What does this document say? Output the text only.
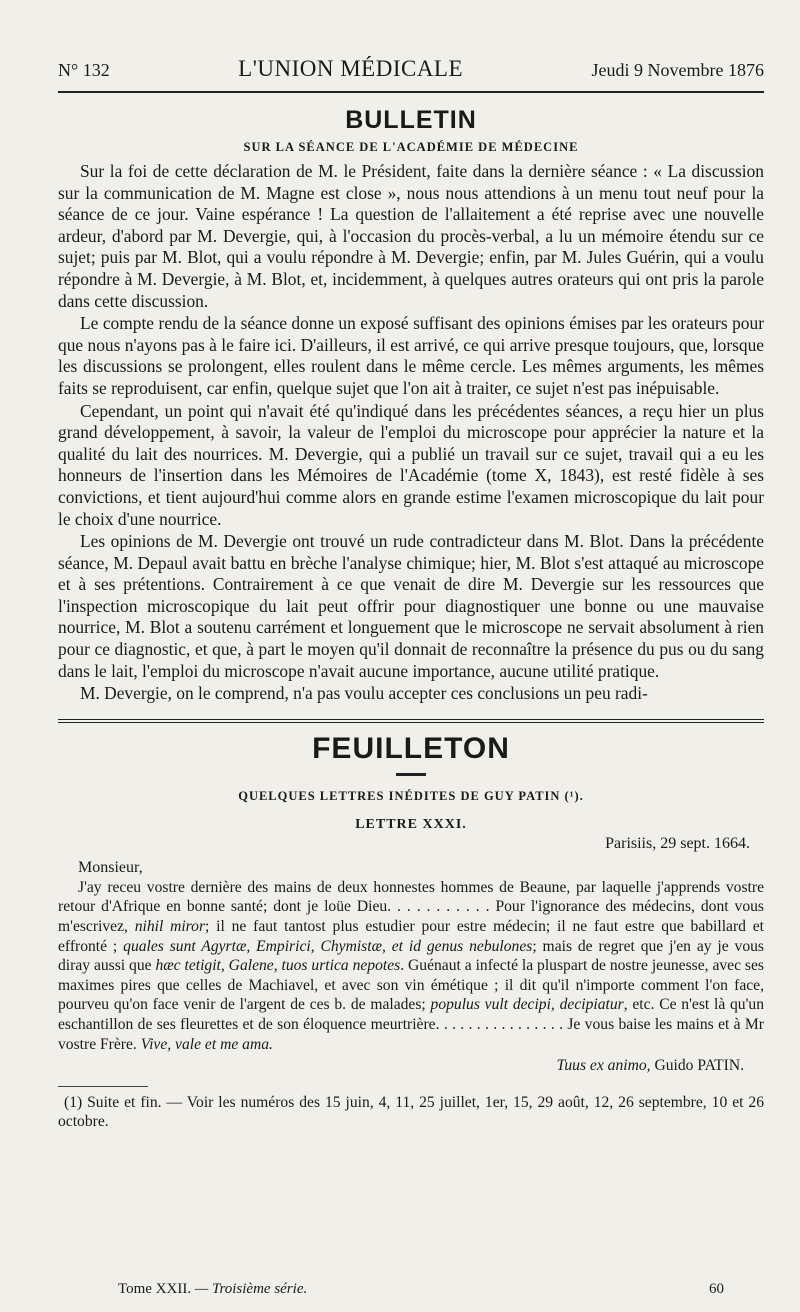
N° 132	L'UNION MÉDICALE	Jeudi 9 Novembre 1876
BULLETIN
SUR LA SÉANCE DE L'ACADÉMIE DE MÉDECINE

Sur la foi de cette déclaration de M. le Président, faite dans la dernière séance : « La discussion sur la communication de M. Magne est close », nous nous attendions à un menu tout neuf pour la séance de ce jour. Vaine espérance ! La question de l'allaitement a été reprise avec une nouvelle ardeur, d'abord par M. Devergie, qui, à l'occasion du procès-verbal, a lu un mémoire étendu sur ce sujet; puis par M. Blot, qui a voulu répondre à M. Devergie; enfin, par M. Jules Guérin, qui a voulu répondre à M. Devergie, à M. Blot, et, incidemment, à quelques autres orateurs qui ont pris la parole dans cette discussion.

Le compte rendu de la séance donne un exposé suffisant des opinions émises par les orateurs pour que nous n'ayons pas à le faire ici. D'ailleurs, il est arrivé, ce qui arrive presque toujours, que, lorsque les discussions se prolongent, elles roulent dans le même cercle. Les mêmes arguments, les mêmes faits se reproduisent, car enfin, quelque sujet que l'on ait à traiter, ce sujet n'est pas inépuisable.

Cependant, un point qui n'avait été qu'indiqué dans les précédentes séances, a reçu hier un plus grand développement, à savoir, la valeur de l'emploi du microscope pour apprécier la nature et la qualité du lait des nourrices. M. Devergie, qui a publié un travail sur ce sujet, travail qui a eu les honneurs de l'insertion dans les Mémoires de l'Académie (tome X, 1843), est resté fidèle à ses convictions, et tient aujourd'hui comme alors en grande estime l'examen microscopique du lait pour le choix d'une nourrice.

Les opinions de M. Devergie ont trouvé un rude contradicteur dans M. Blot. Dans la précédente séance, M. Depaul avait battu en brèche l'analyse chimique; hier, M. Blot s'est attaqué au microscope et à ses prétentions. Contrairement à ce que venait de dire M. Devergie sur les ressources que l'inspection microscopique du lait peut offrir pour diagnostiquer une bonne ou une mauvaise nourrice, M. Blot a soutenu carrément et longuement que le microscope ne servait absolument à rien pour ce diagnostic, et que, à part le moyen qu'il donnait de reconnaître la présence du pus ou du sang dans le lait, l'emploi du microscope n'avait aucune importance, aucune utilité pratique.

M. Devergie, on le comprend, n'a pas voulu accepter ces conclusions un peu radi-

FEUILLETON
QUELQUES LETTRES INÉDITES DE GUY PATIN (¹).
LETTRE XXXI.
Parisiis, 29 sept. 1664.
Monsieur,

J'ay receu vostre dernière des mains de deux honnestes hommes de Beaune, par laquelle j'apprends vostre retour d'Afrique en bonne santé; dont je loüe Dieu. . . . . . . . . . . Pour l'ignorance des médecins, dont vous m'escrivez, nihil miror; il ne faut tantost plus estudier pour estre médecin; il ne faut estre que babillard et effronté ; quales sunt Agyrtæ, Empirici, Chymistæ, et id genus nebulones; mais de regret que j'en ay je vous diray aussi que hæc tetigit, Galene, tuos urtica nepotes. Guénaut a infecté la pluspart de nostre jeunesse, avec ses maximes pires que celles de Machiavel, et avec son vin émétique ; il dit qu'il n'importe comment l'on face, pourveu qu'on face venir de l'argent de ces b. de malades; populus vult decipi, decipiatur, etc. Ce n'est là qu'un eschantillon de ses fleurettes et de son éloquence meurtrière. . . . . . . . . . . . . . . . Je vous baise les mains et à Mr vostre Frère. Vive, vale et me ama.

Tuus ex animo, Guido PATIN.

(1) Suite et fin. — Voir les numéros des 15 juin, 4, 11, 25 juillet, 1er, 15, 29 août, 12, 26 septembre, 10 et 26 octobre.

Tome XXII. — Troisième série.	60
